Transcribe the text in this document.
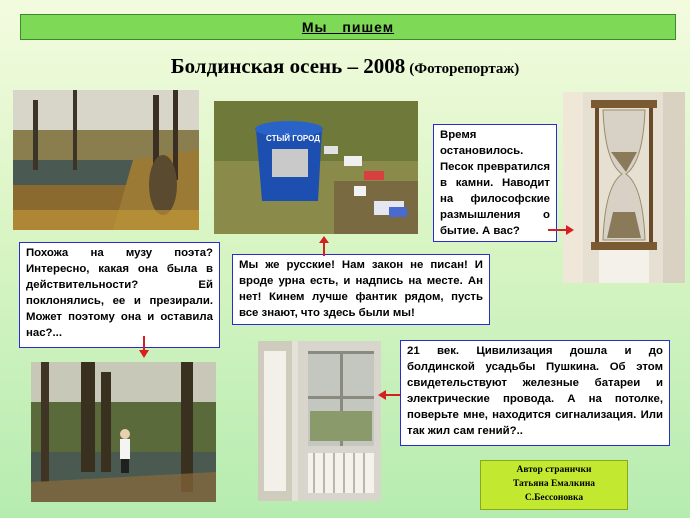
Мы пишем
Болдинская осень – 2008 (Фоторепортаж)
СТЫЙ ГОРОД	Время остановилось. Песок превратился в камни. Наводит на философские размышления о бытие. А вас?
Похожа на музу поэта? Интересно, какая она была в действительности? Ей поклонялись, ее и презирали. Может поэтому она и оставила нас?...
Мы же русские! Нам закон не писан! И вроде урна есть, и надпись на месте. Ан нет! Кинем лучше фантик рядом, пусть все знают, что здесь были мы!
21 век. Цивилизация дошла и до болдинской усадьбы Пушкина. Об этом свидетельствуют железные батареи и электрические провода. А на потолке, поверьте мне, находится сигнализация. Или так жил сам гений?..
Автор странички
Татьяна Емалкина
С.Бессоновка
